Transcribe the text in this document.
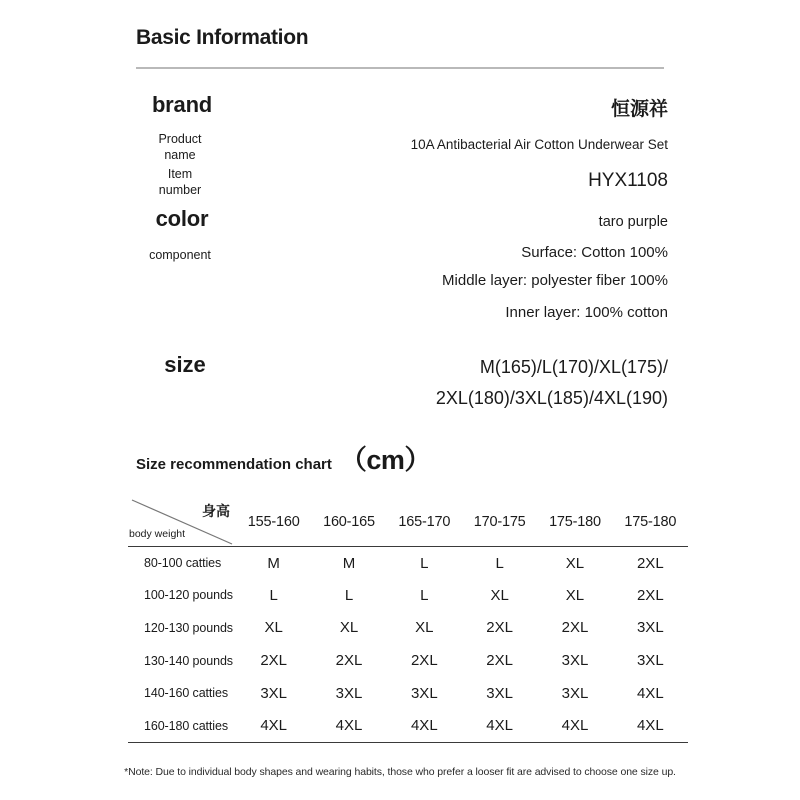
Basic Information
brand	恒源祥
Product
name
10A Antibacterial Air Cotton Underwear Set
Item
number	HYX1108
color	taro purple
component	Surface: Cotton 100%
Middle layer: polyester fiber 100%
Inner layer: 100% cotton
size	M(165)/L(170)/XL(175)/
2XL(180)/3XL(185)/4XL(190)
Size recommendation chart （cm）
身高
body weight	155-160	160-165	165-170	170-175	175-180	175-180

80-100 catties	M	M	L	L	XL	2XL
100-120 pounds	L	L	L	XL	XL	2XL
120-130 pounds	XL	XL	XL	2XL	2XL	3XL
130-140 pounds	2XL	2XL	2XL	2XL	3XL	3XL
140-160 catties	3XL	3XL	3XL	3XL	3XL	4XL
160-180 catties	4XL	4XL	4XL	4XL	4XL	4XL

*Note: Due to individual body shapes and wearing habits, those who prefer a looser fit are advised to choose one size up.
